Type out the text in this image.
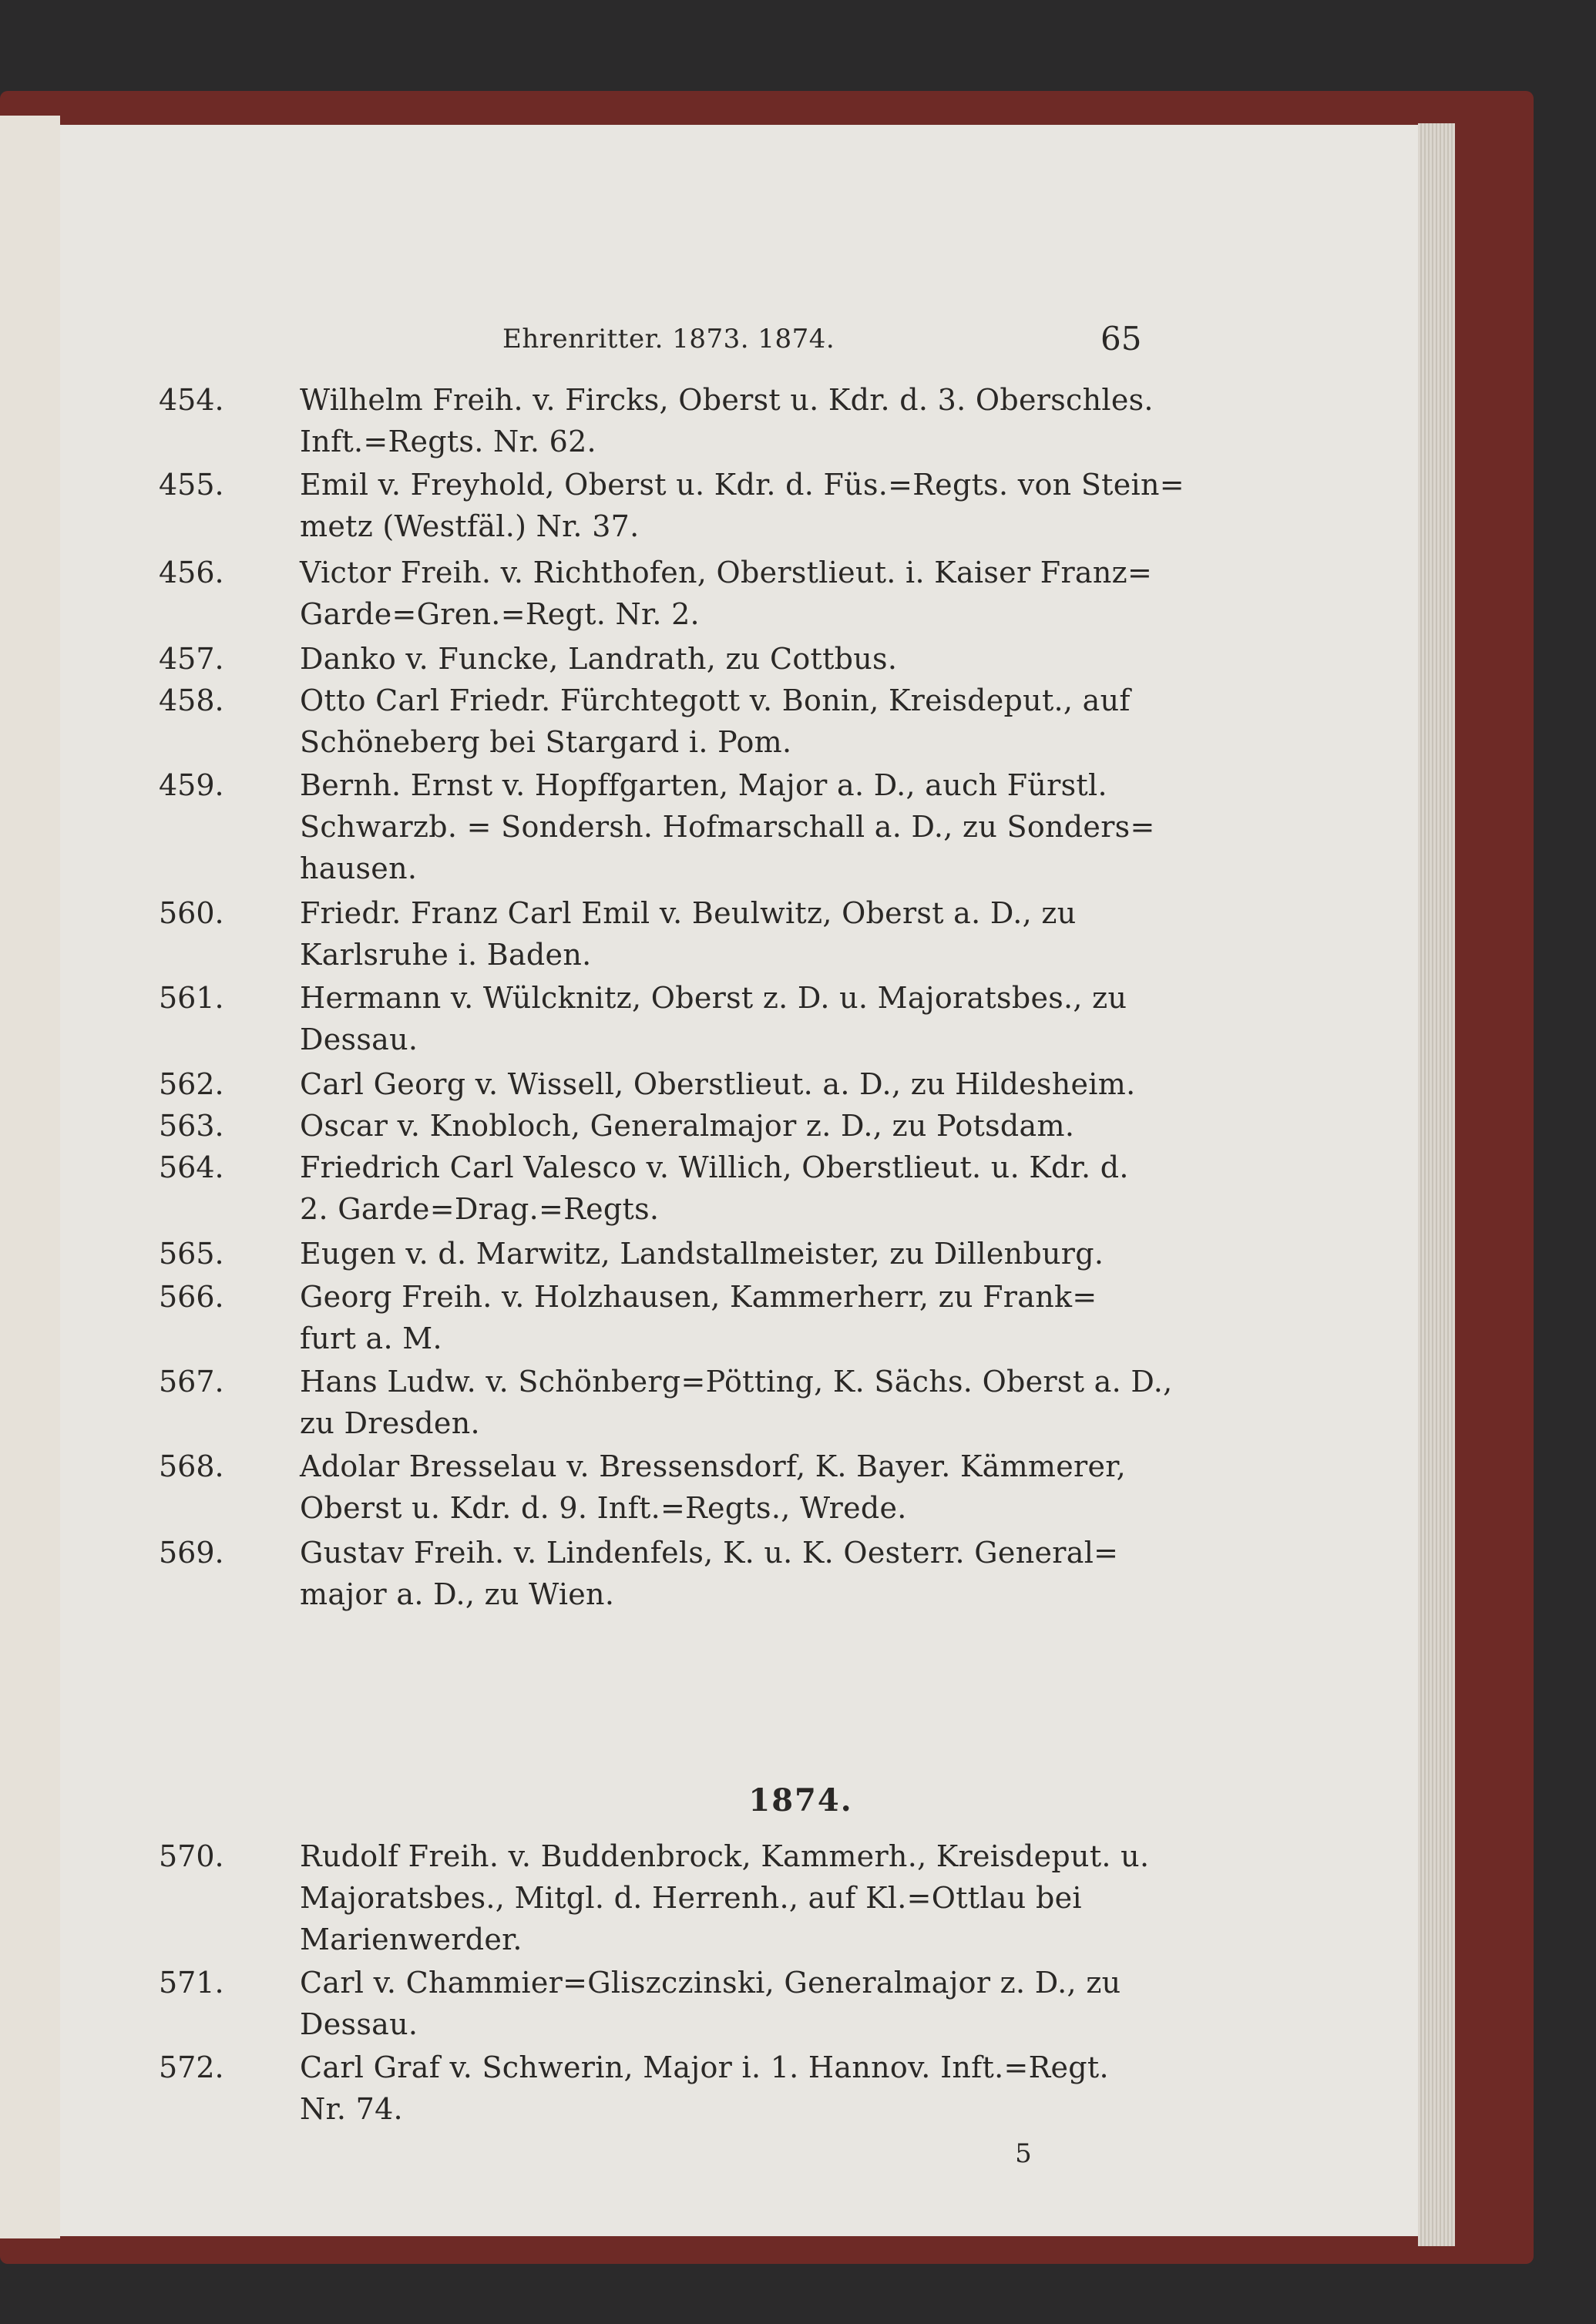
Ehrenritter. 1873. 1874.	65
454.	Wilhelm Freih. v. Fircks, Oberst u. Kdr. d. 3. Oberschles.
Inft.=Regts. Nr. 62.
455.	Emil v. Freyhold, Oberst u. Kdr. d. Füs.=Regts. von Stein=
metz (Westfäl.) Nr. 37.
456.	Victor Freih. v. Richthofen, Oberstlieut. i. Kaiser Franz=
Garde=Gren.=Regt. Nr. 2.
457.	Danko v. Funcke, Landrath, zu Cottbus.
458.	Otto Carl Friedr. Fürchtegott v. Bonin, Kreisdeput., auf
Schöneberg bei Stargard i. Pom.
459.	Bernh. Ernst v. Hopffgarten, Major a. D., auch Fürstl.
Schwarzb. = Sondersh. Hofmarschall a. D., zu Sonders=
hausen.
560.	Friedr. Franz Carl Emil v. Beulwitz, Oberst a. D., zu
Karlsruhe i. Baden.
561.	Hermann v. Wülcknitz, Oberst z. D. u. Majoratsbes., zu
Dessau.
562.	Carl Georg v. Wissell, Oberstlieut. a. D., zu Hildesheim.
563.	Oscar v. Knobloch, Generalmajor z. D., zu Potsdam.
564.	Friedrich Carl Valesco v. Willich, Oberstlieut. u. Kdr. d.
2. Garde=Drag.=Regts.
565.	Eugen v. d. Marwitz, Landstallmeister, zu Dillenburg.
566.	Georg Freih. v. Holzhausen, Kammerherr, zu Frank=
furt a. M.
567.	Hans Ludw. v. Schönberg=Pötting, K. Sächs. Oberst a. D.,
zu Dresden.
568.	Adolar Bresselau v. Bressensdorf, K. Bayer. Kämmerer,
Oberst u. Kdr. d. 9. Inft.=Regts., Wrede.
569.	Gustav Freih. v. Lindenfels, K. u. K. Oesterr. General=
major a. D., zu Wien.
1874.
570.	Rudolf Freih. v. Buddenbrock, Kammerh., Kreisdeput. u.
Majoratsbes., Mitgl. d. Herrenh., auf Kl.=Ottlau bei
Marienwerder.
571.	Carl v. Chammier=Gliszczinski, Generalmajor z. D., zu
Dessau.
572.	Carl Graf v. Schwerin, Major i. 1. Hannov. Inft.=Regt.
Nr. 74.
5
